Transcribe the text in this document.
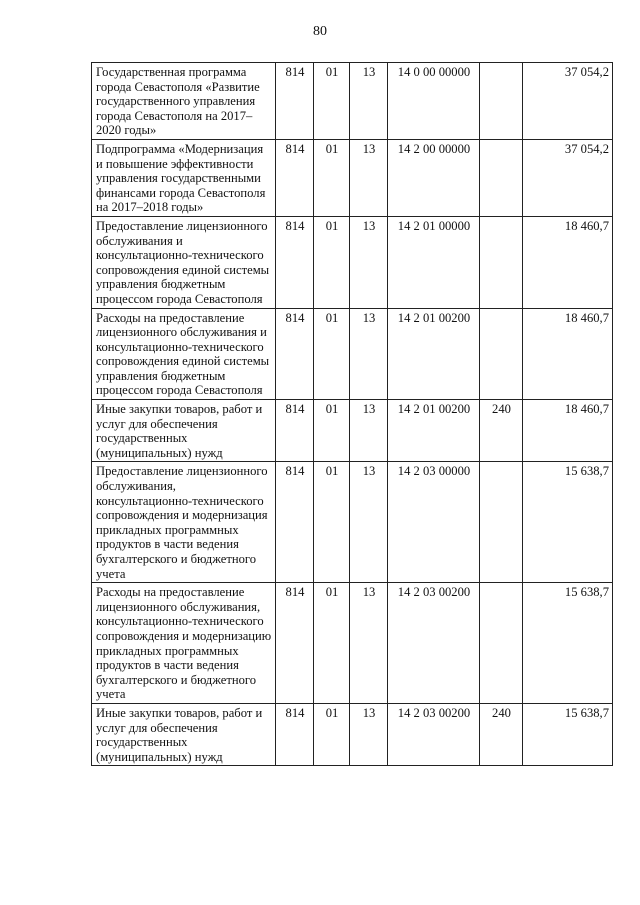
80
Государственная программа города Севастополя «Развитие государственного управления города Севастополя на 2017–2020 годы»	814	01	13	14 0 00 00000		37 054,2
Подпрограмма «Модернизация и повышение эффективности управления государственными финансами города Севастополя на 2017–2018 годы»	814	01	13	14 2 00 00000		37 054,2
Предоставление лицензионного обслуживания и консультационно-технического сопровождения единой системы управления бюджетным процессом города Севастополя	814	01	13	14 2 01 00000		18 460,7
Расходы на предоставление лицензионного обслуживания и консультационно-технического сопровождения единой системы управления бюджетным процессом города Севастополя	814	01	13	14 2 01 00200		18 460,7
Иные закупки товаров, работ и услуг для обеспечения государственных (муниципальных) нужд	814	01	13	14 2 01 00200	240	18 460,7
Предоставление лицензионного обслуживания, консультационно-технического сопровождения и модернизация прикладных программных продуктов в части ведения бухгалтерского и бюджетного учета	814	01	13	14 2 03 00000		15 638,7
Расходы на предоставление лицензионного обслуживания, консультационно-технического сопровождения и модернизацию прикладных программных продуктов в части ведения бухгалтерского и бюджетного учета	814	01	13	14 2 03 00200		15 638,7
Иные закупки товаров, работ и услуг для обеспечения государственных (муниципальных) нужд	814	01	13	14 2 03 00200	240	15 638,7
